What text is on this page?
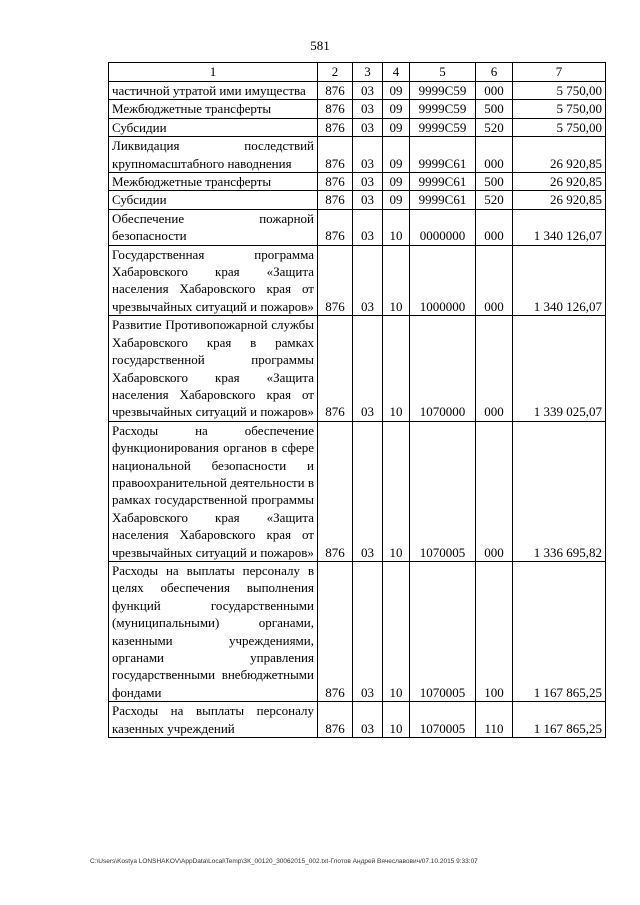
581
1	2	3	4	5	6	7
частичной утратой ими имущества	876	03	09	9999С59	000	5 750,00
Межбюджетные трансферты	876	03	09	9999С59	500	5 750,00
Субсидии	876	03	09	9999С59	520	5 750,00
Ликвидация последствий крупномасштабного наводнения	876	03	09	9999С61	000	26 920,85
Межбюджетные трансферты	876	03	09	9999С61	500	26 920,85
Субсидии	876	03	09	9999С61	520	26 920,85
Обеспечение пожарной безопасности	876	03	10	0000000	000	1 340 126,07
Государственная программа Хабаровского края «Защита населения Хабаровского края от чрезвычайных ситуаций и пожаров»	876	03	10	1000000	000	1 340 126,07
Развитие Противопожарной службы Хабаровского края в рамках государственной программы Хабаровского края «Защита населения Хабаровского края от чрезвычайных ситуаций и пожаров»	876	03	10	1070000	000	1 339 025,07
Расходы на обеспечение функционирования органов в сфере национальной безопасности и правоохранительной деятельности в рамках государственной программы Хабаровского края «Защита населения Хабаровского края от чрезвычайных ситуаций и пожаров»	876	03	10	1070005	000	1 336 695,82
Расходы на выплаты персоналу в целях обеспечения выполнения функций государственными (муниципальными) органами, казенными учреждениями, органами управления государственными внебюджетными фондами	876	03	10	1070005	100	1 167 865,25
Расходы на выплаты персоналу казенных учреждений	876	03	10	1070005	110	1 167 865,25
C:\Users\Kostya LONSHAKOV\AppData\Local\Temp\ЗК_00120_30062015_002.txt-Глотов Андрей Вячеславович/07.10.2015 9:33:07
